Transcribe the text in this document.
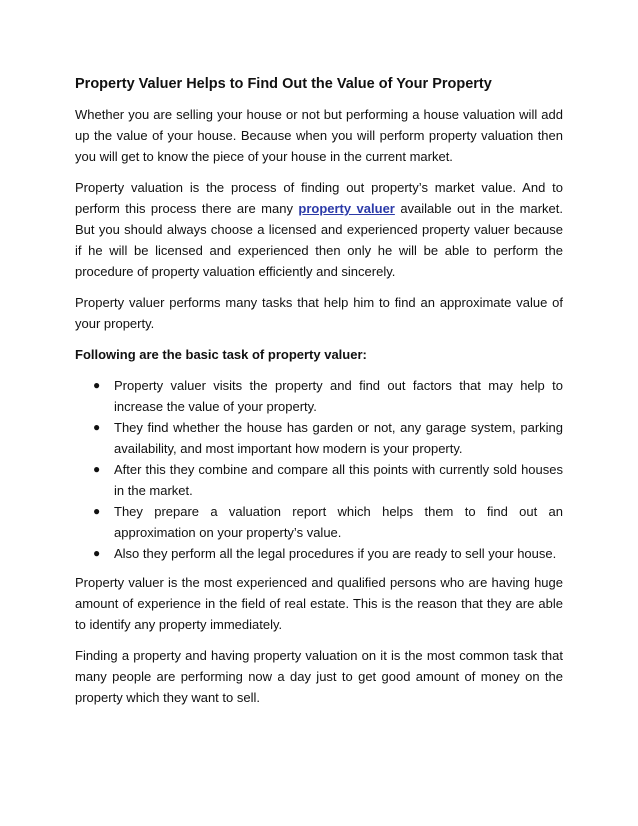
Property Valuer Helps to Find Out the Value of Your Property

Whether you are selling your house or not but performing a house valuation will add up the value of your house. Because when you will perform property valuation then you will get to know the piece of your house in the current market.

Property valuation is the process of finding out property’s market value. And to perform this process there are many property valuer available out in the market. But you should always choose a licensed and experienced property valuer because if he will be licensed and experienced then only he will be able to perform the procedure of property valuation efficiently and sincerely.

Property valuer performs many tasks that help him to find an approximate value of your property.

Following are the basic task of property valuer:
● Property valuer visits the property and find out factors that may help to increase the value of your property.
● They find whether the house has garden or not, any garage system, parking availability, and most important how modern is your property.
● After this they combine and compare all this points with currently sold houses in the market.
● They prepare a valuation report which helps them to find out an approximation on your property’s value.
● Also they perform all the legal procedures if you are ready to sell your house.

Property valuer is the most experienced and qualified persons who are having huge amount of experience in the field of real estate. This is the reason that they are able to identify any property immediately.

Finding a property and having property valuation on it is the most common task that many people are performing now a day just to get good amount of money on the property which they want to sell.
